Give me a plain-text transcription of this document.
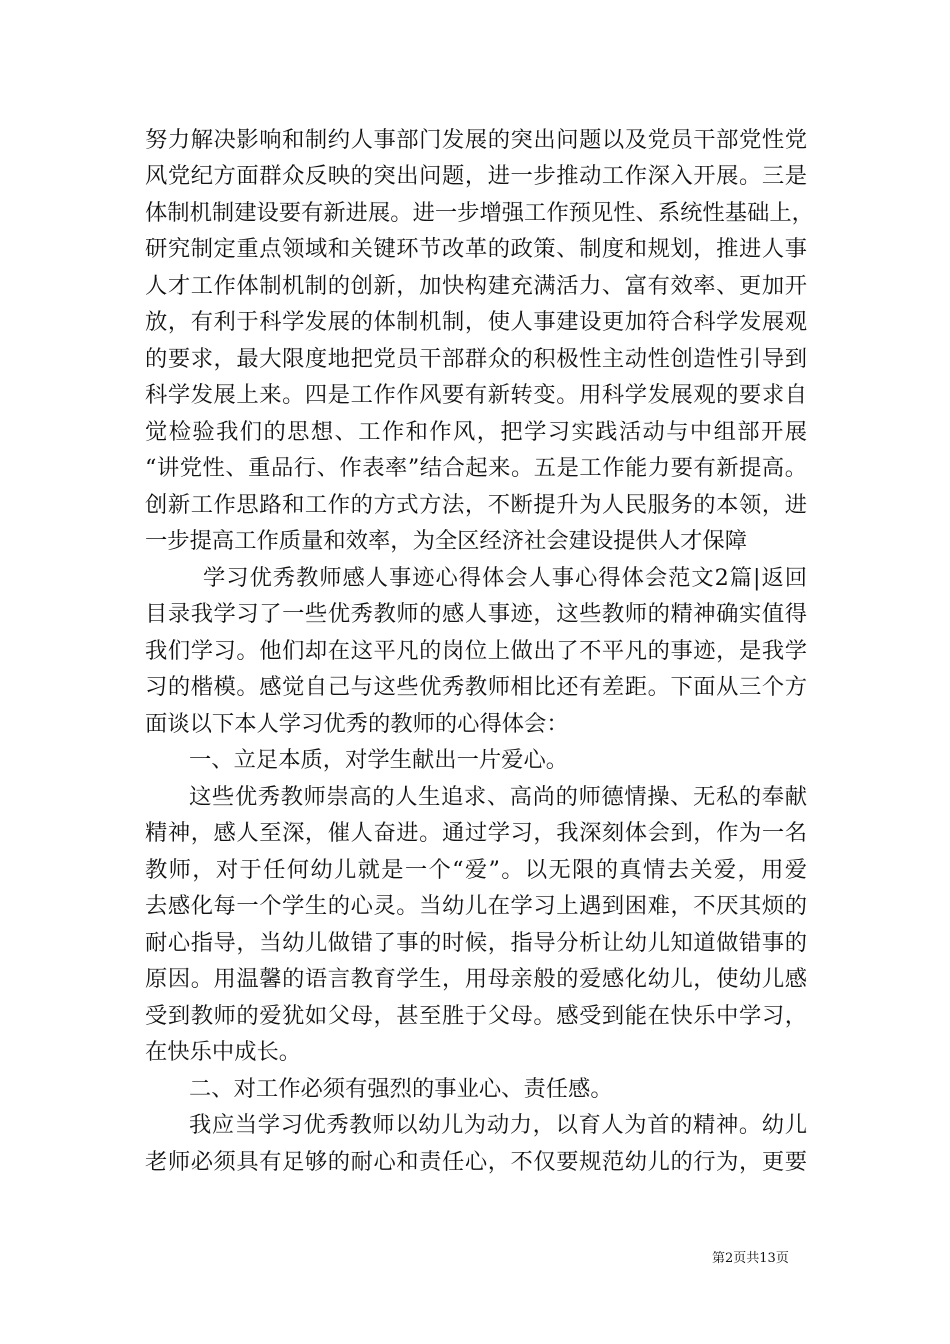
努力解决影响和制约人事部门发展的突出问题以及党员干部党性党
风党纪方面群众反映的突出问题，进一步推动工作深入开展。三是
体制机制建设要有新进展。进一步增强工作预见性、系统性基础上，
研究制定重点领域和关键环节改革的政策、制度和规划，推进人事
人才工作体制机制的创新，加快构建充满活力、富有效率、更加开
放，有利于科学发展的体制机制，使人事建设更加符合科学发展观
的要求，最大限度地把党员干部群众的积极性主动性创造性引导到
科学发展上来。四是工作作风要有新转变。用科学发展观的要求自
觉检验我们的思想、工作和作风，把学习实践活动与中组部开展
“讲党性、重品行、作表率”结合起来。五是工作能力要有新提高。
创新工作思路和工作的方式方法，不断提升为人民服务的本领，进
一步提高工作质量和效率，为全区经济社会建设提供人才保障
学习优秀教师感人事迹心得体会人事心得体会范文2篇|返回
目录我学习了一些优秀教师的感人事迹，这些教师的精神确实值得
我们学习。他们却在这平凡的岗位上做出了不平凡的事迹，是我学
习的楷模。感觉自己与这些优秀教师相比还有差距。下面从三个方
面谈以下本人学习优秀的教师的心得体会：
一、立足本质，对学生献出一片爱心。
这些优秀教师崇高的人生追求、高尚的师德情操、无私的奉献
精神，感人至深，催人奋进。通过学习，我深刻体会到，作为一名
教师，对于任何幼儿就是一个“爱”。以无限的真情去关爱，用爱
去感化每一个学生的心灵。当幼儿在学习上遇到困难，不厌其烦的
耐心指导，当幼儿做错了事的时候，指导分析让幼儿知道做错事的
原因。用温馨的语言教育学生，用母亲般的爱感化幼儿，使幼儿感
受到教师的爱犹如父母，甚至胜于父母。感受到能在快乐中学习，
在快乐中成长。
二、对工作必须有强烈的事业心、责任感。
我应当学习优秀教师以幼儿为动力，以育人为首的精神。幼儿
老师必须具有足够的耐心和责任心，不仅要规范幼儿的行为，更要
第2页共13页
